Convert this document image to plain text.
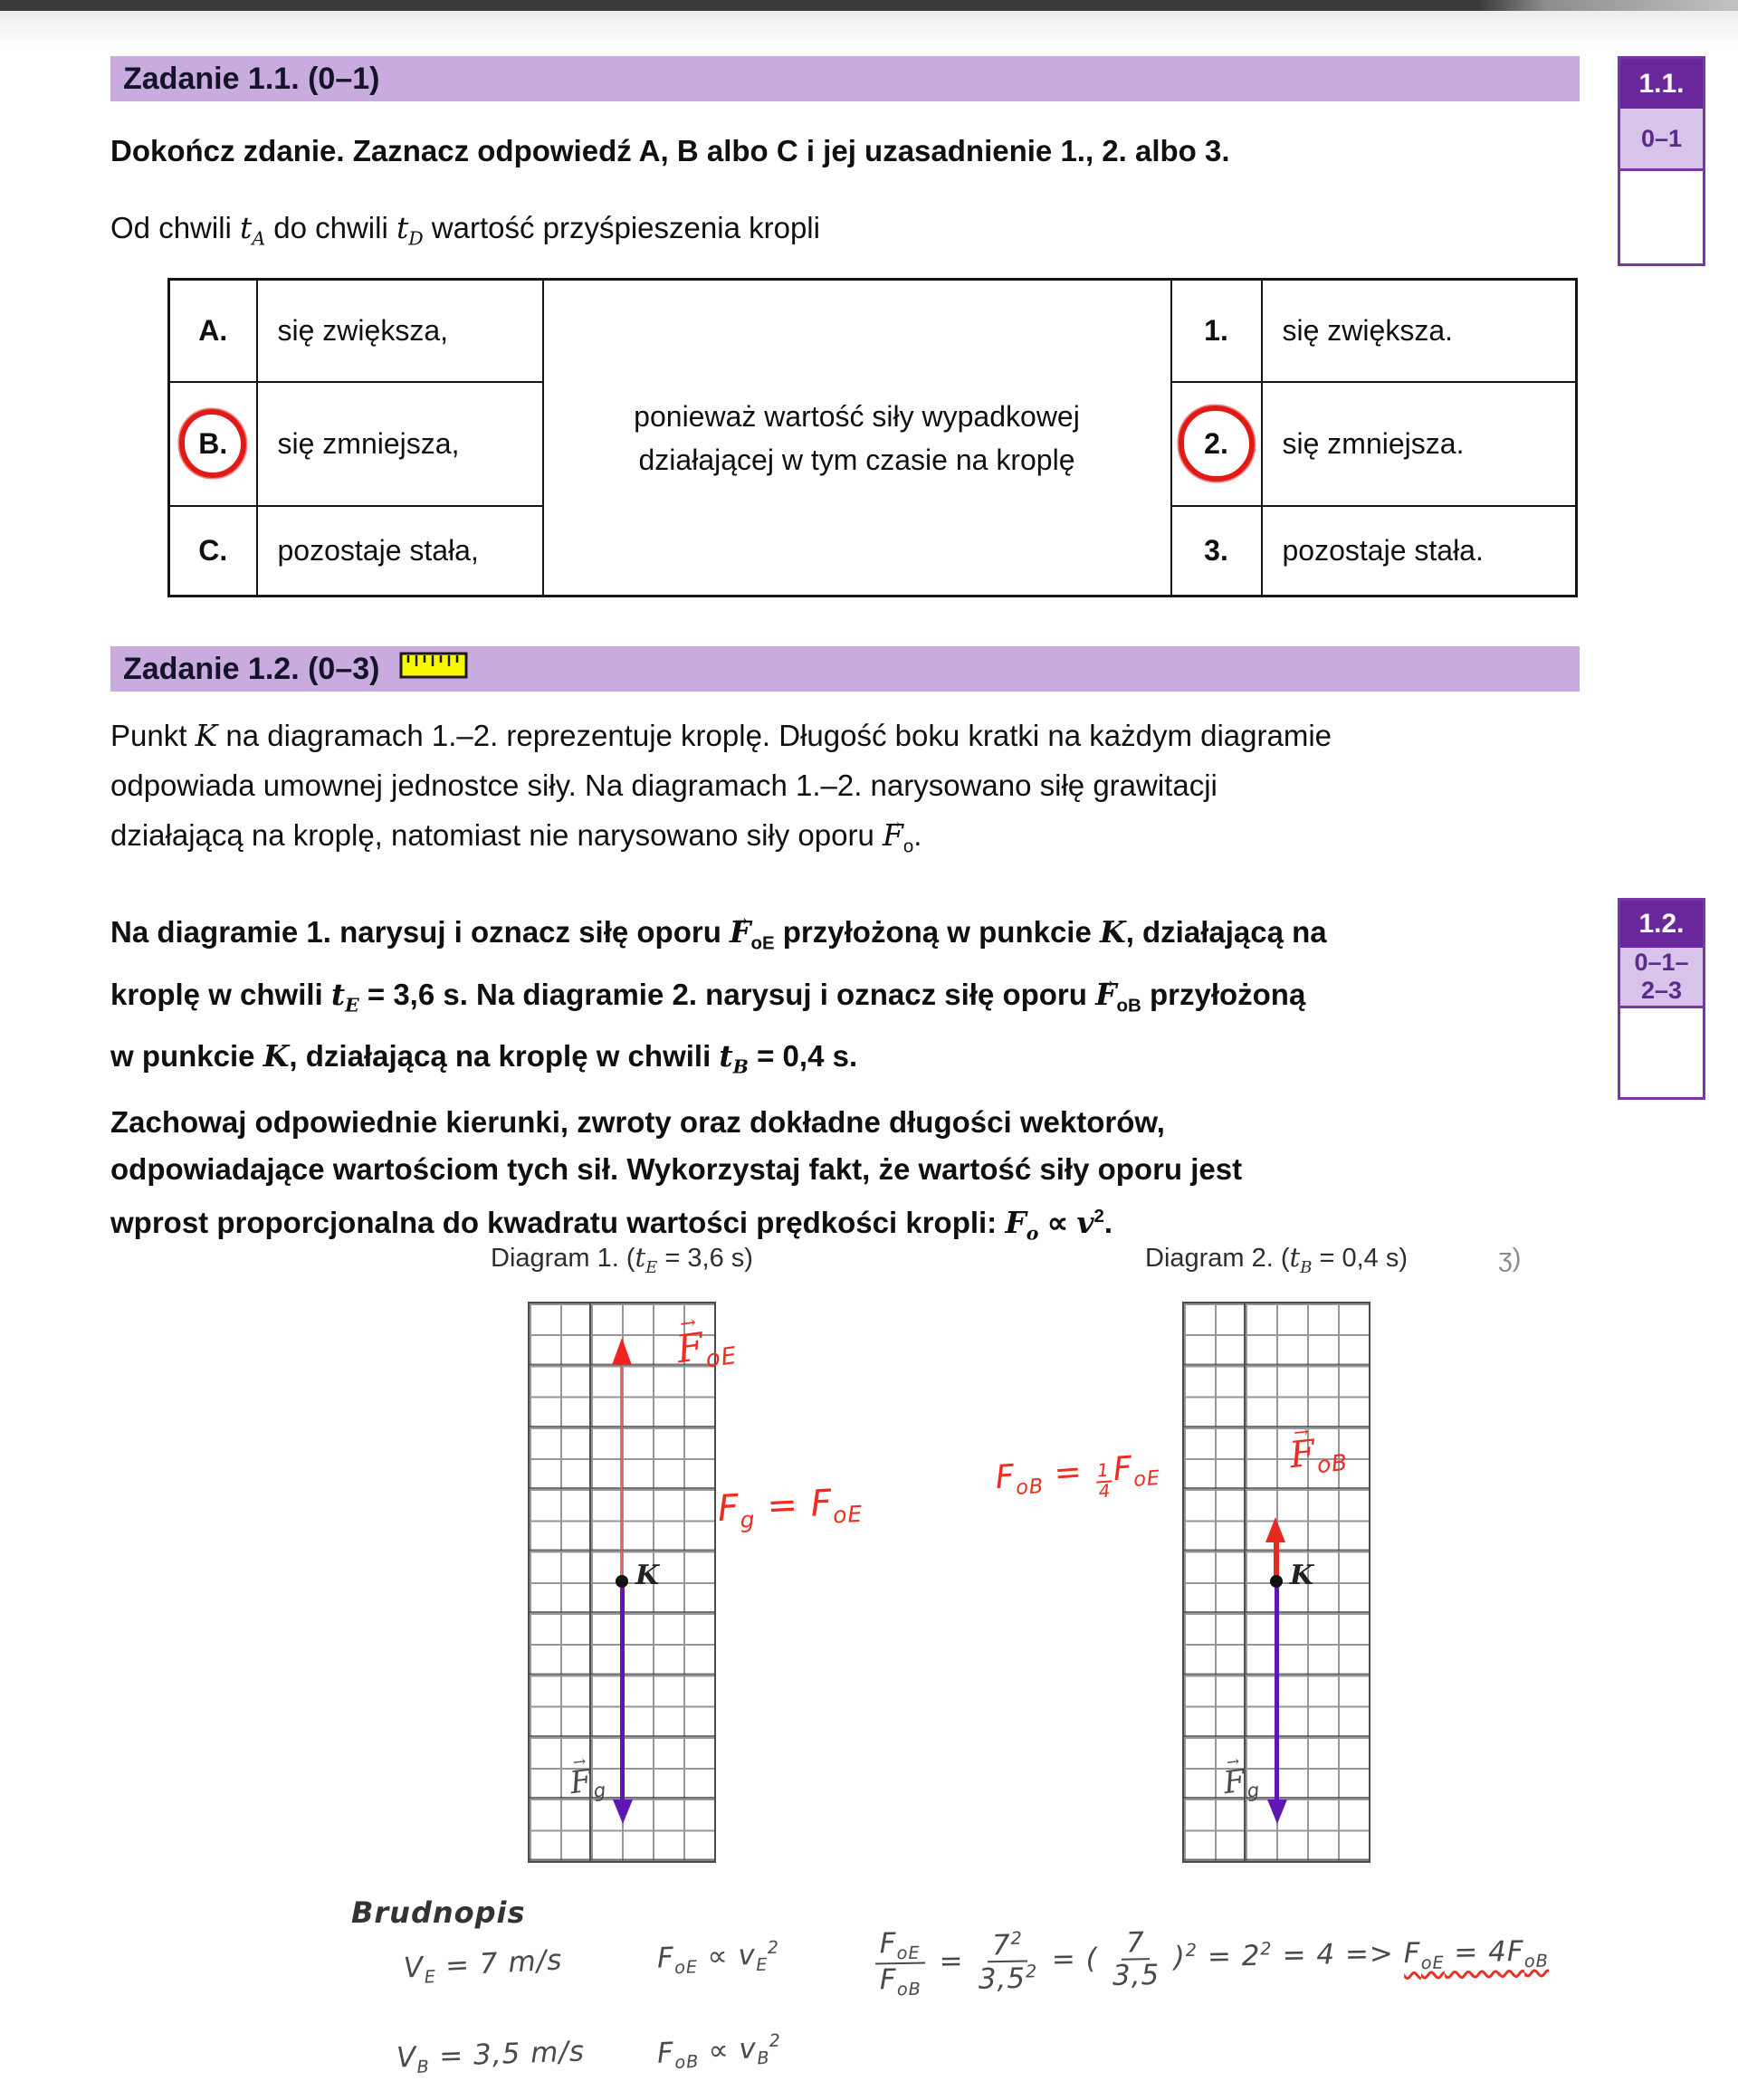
Zadanie 1.1. (0–1)	1.1.
0–1
Dokończ zdanie. Zaznacz odpowiedź A, B albo C i jej uzasadnienie 1., 2. albo 3.
Od chwili $t_A$ do chwili $t_D$ wartość przyśpieszenia kropli
A.	się zwiększa,	ponieważ wartość siły wypadkowej działającej w tym czasie na kroplę	1.	się zwiększa.
B.	się zmniejsza,		2.	się zmniejsza.
C.	pozostaje stała,		3.	pozostaje stała.
Zadanie 1.2. (0–3)
1.2.
0–1–
2–3
Punkt K na diagramach 1.–2. reprezentuje kroplę. Długość boku kratki na każdym diagramie
odpowiada umownej jednostce siły. Na diagramach 1.–2. narysowano siłę grawitacji
działającą na kroplę, natomiast nie narysowano siły oporu $F \to_o$.
Na diagramie 1. narysuj i oznacz siłę oporu $F \to_{oE}$ przyłożoną w punkcie K, działającą na
kroplę w chwili $t_E = 3,6$ s. Na diagramie 2. narysuj i oznacz siłę oporu $F \to_{oB}$ przyłożoną
w punkcie K, działającą na kroplę w chwili $t_B = 0,4$ s.
Zachowaj odpowiednie kierunki, zwroty oraz dokładne długości wektorów,
odpowiadające wartościom tych sił. Wykorzystaj fakt, że wartość siły oporu jest
wprost proporcjonalna do kwadratu wartości prędkości kropli: $F_o \propto v^2$.
Diagram 1. ($t_E = 3,6$ s)	Diagram 2. ($t_B = 0,4$ s)	ʒ)
K
$F \to_{oE}$
$F \to_g$
$F_g = F_{oE}$
$F_{oB} = \frac{1}{4}$
$F_{oE}$
K
$F \to_{oB}$
$F \to_g$
Brudnopis
$V_E = 7$ m/s
$V_B = 3,5$ m/s
$F_{oE} \propto v_E^2$
$F_{oB} \propto v_B^2$
$F_{oE}$
$F_{oB}$
= $\frac{7^2}{3,5^2}$ = ( $\frac{7}{3,5} )^2 = 2^2 = 4 => F_{oE} = 4F_{oB}$
